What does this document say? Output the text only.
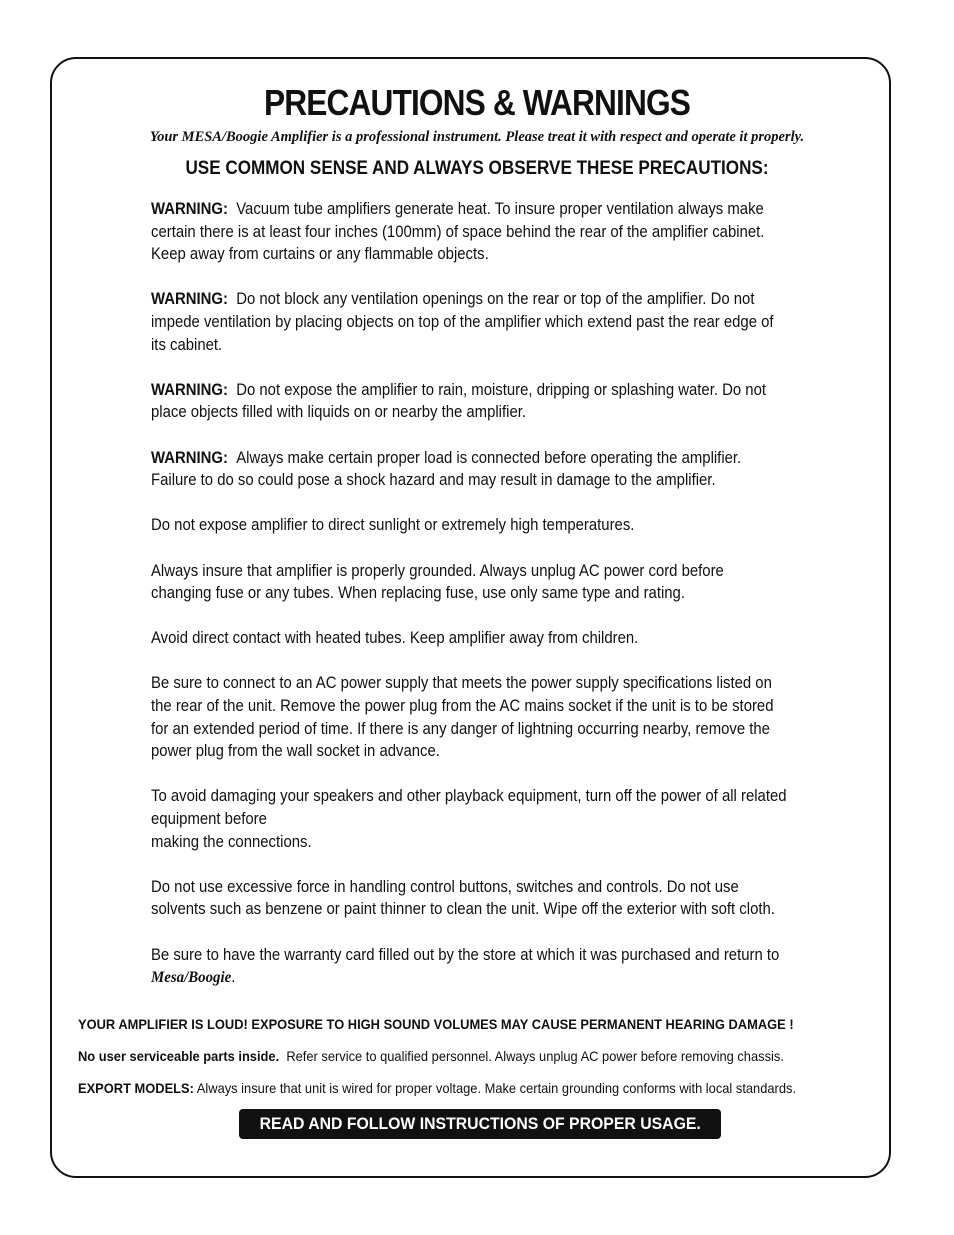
PRECAUTIONS & WARNINGS

Your MESA/Boogie Amplifier is a professional instrument. Please treat it with respect and operate it properly.

USE COMMON SENSE AND ALWAYS OBSERVE THESE PRECAUTIONS:

WARNING: Vacuum tube amplifiers generate heat. To insure proper ventilation always make
certain there is at least four inches (100mm) of space behind the rear of the amplifier cabinet.
Keep away from curtains or any flammable objects.
WARNING: Do not block any ventilation openings on the rear or top of the amplifier. Do not
impede ventilation by placing objects on top of the amplifier which extend past the rear edge of
its cabinet.
WARNING: Do not expose the amplifier to rain, moisture, dripping or splashing water. Do not
place objects filled with liquids on or nearby the amplifier.
WARNING: Always make certain proper load is connected before operating the amplifier.
Failure to do so could pose a shock hazard and may result in damage to the amplifier.
Do not expose amplifier to direct sunlight or extremely high temperatures.
Always insure that amplifier is properly grounded. Always unplug AC power cord before
changing fuse or any tubes. When replacing fuse, use only same type and rating.
Avoid direct contact with heated tubes. Keep amplifier away from children.
Be sure to connect to an AC power supply that meets the power supply specifications listed on
the rear of the unit. Remove the power plug from the AC mains socket if the unit is to be stored
for an extended period of time. If there is any danger of lightning occurring nearby, remove the
power plug from the wall socket in advance.
To avoid damaging your speakers and other playback equipment, turn off the power of all related
equipment before
making the connections.
Do not use excessive force in handling control buttons, switches and controls. Do not use
solvents such as benzene or paint thinner to clean the unit. Wipe off the exterior with soft cloth.
Be sure to have the warranty card filled out by the store at which it was purchased and return to
Mesa/Boogie.
YOUR AMPLIFIER IS LOUD! EXPOSURE TO HIGH SOUND VOLUMES MAY CAUSE PERMANENT HEARING DAMAGE !
No user serviceable parts inside. Refer service to qualified personnel. Always unplug AC power before removing chassis.
EXPORT MODELS: Always insure that unit is wired for proper voltage. Make certain grounding conforms with local standards.
READ AND FOLLOW INSTRUCTIONS OF PROPER USAGE.
